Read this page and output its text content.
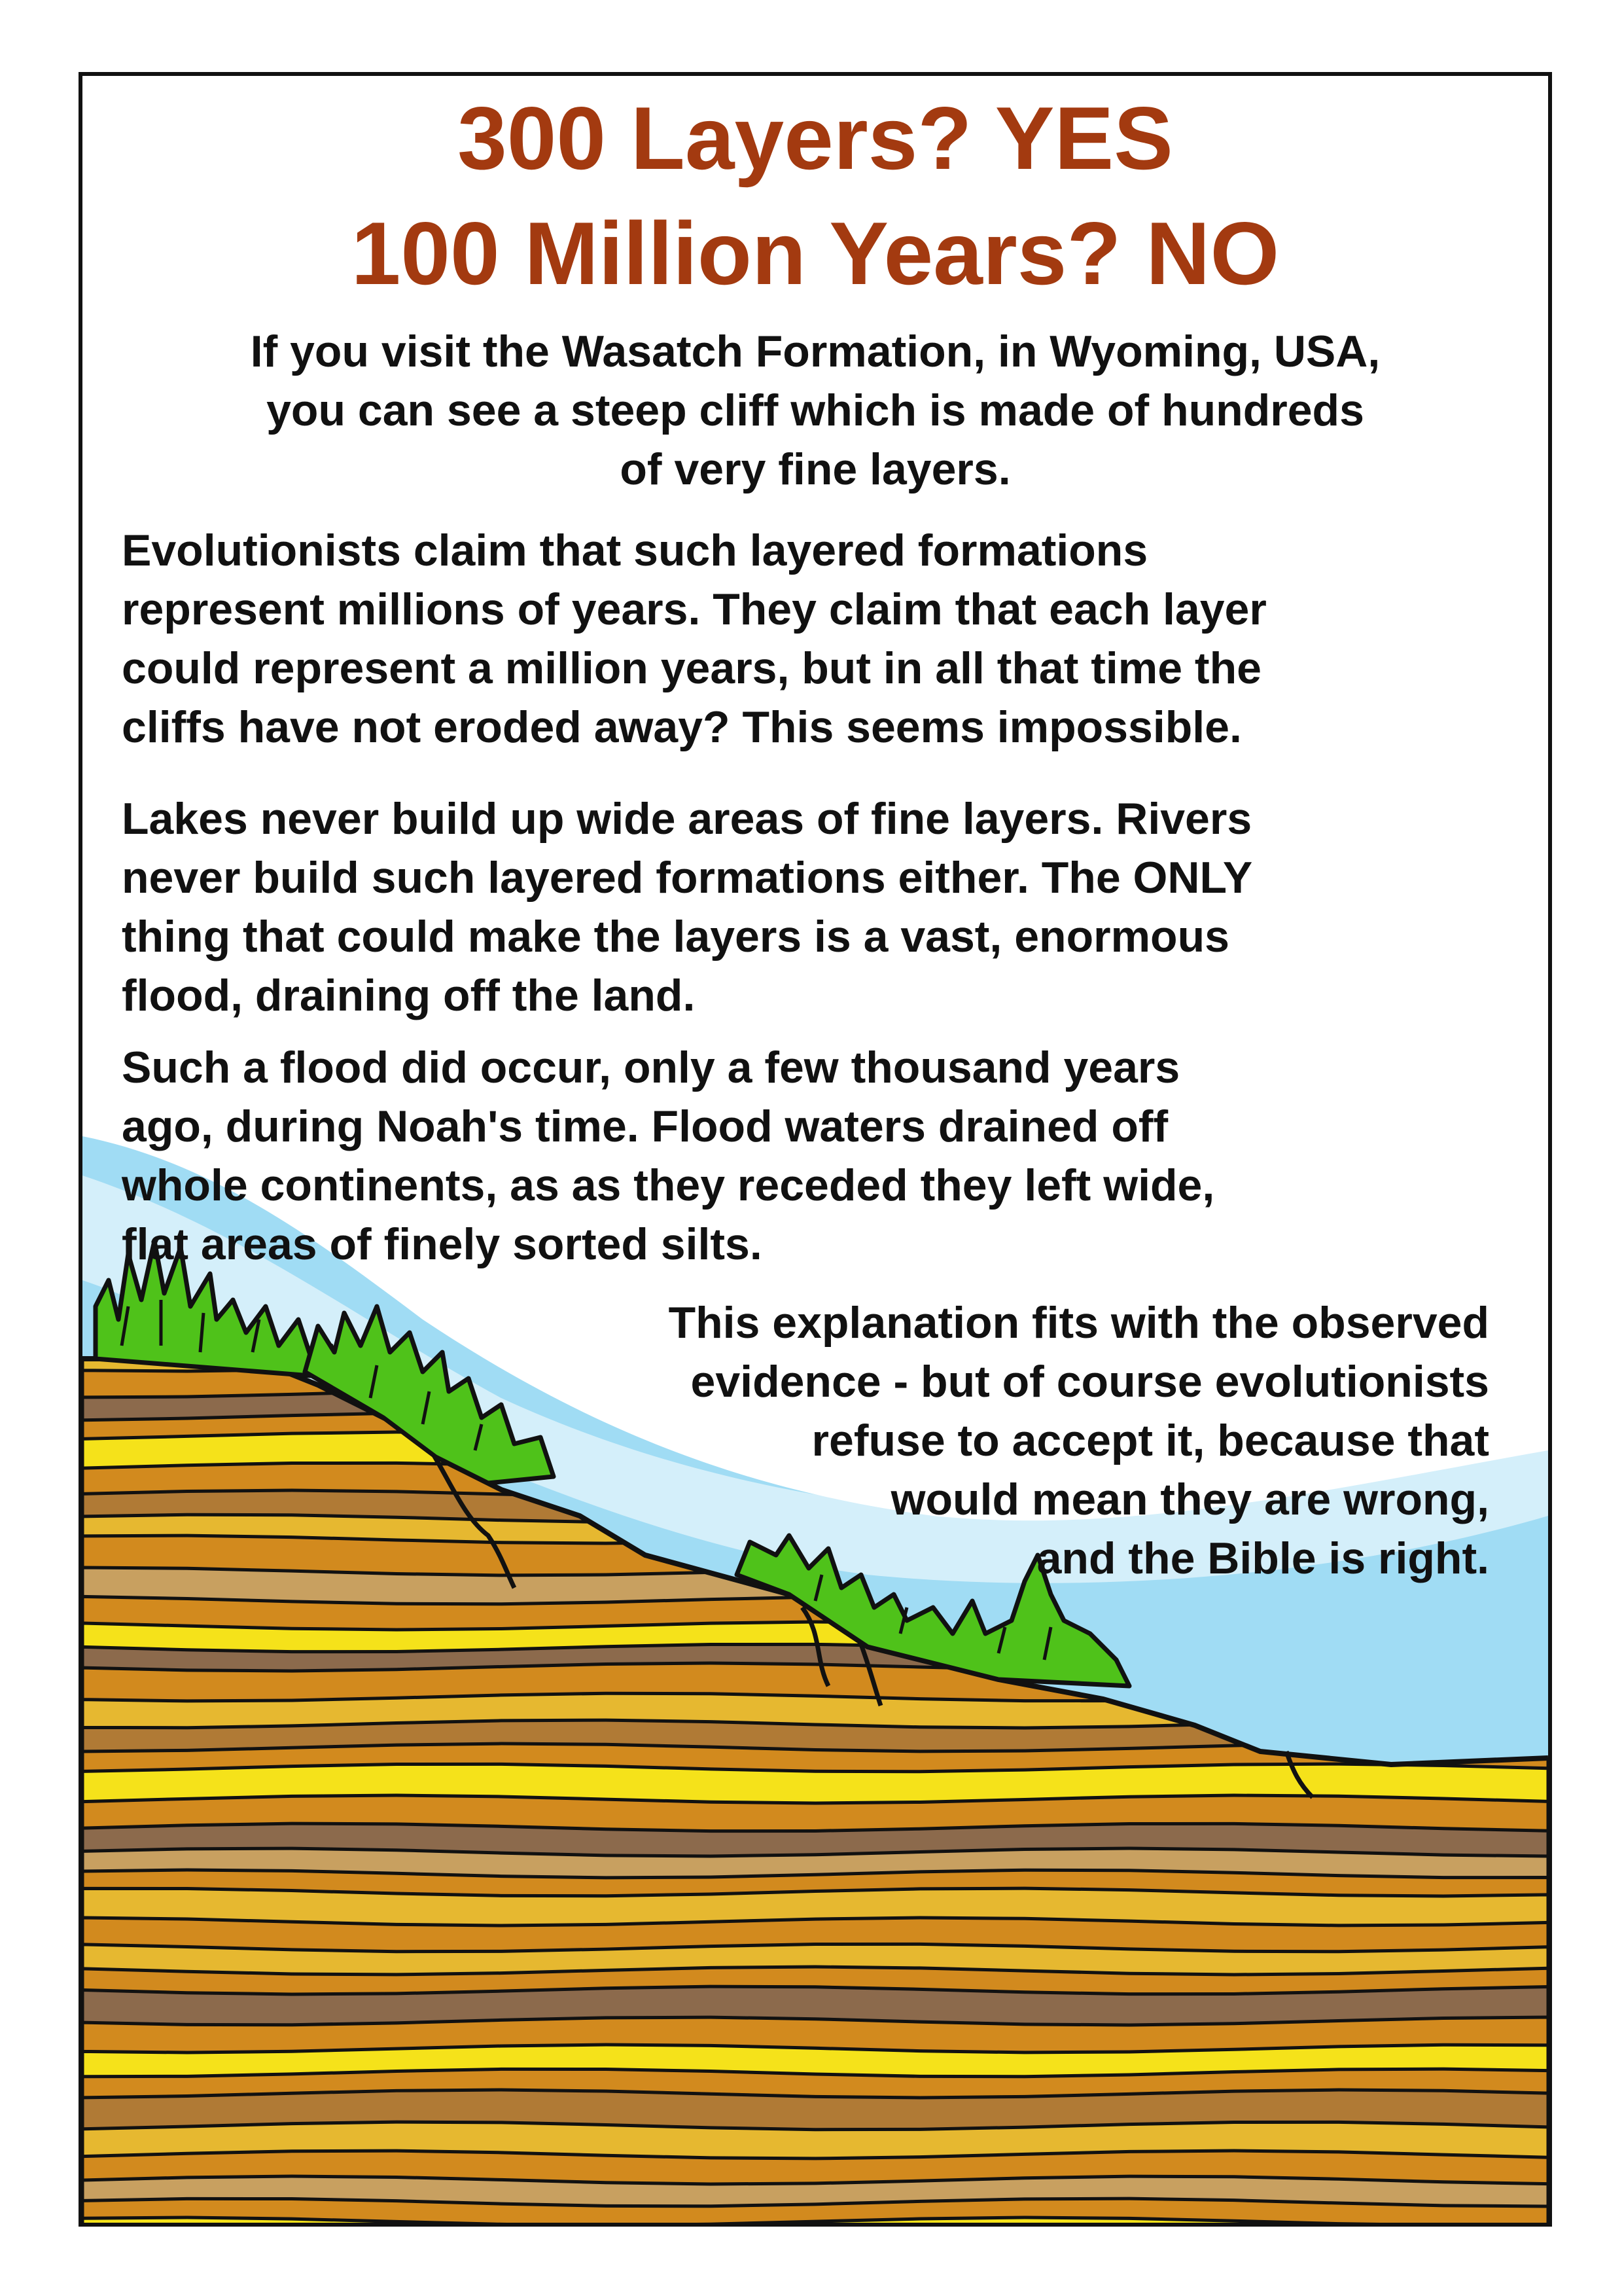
300 Layers? YES
100 Million Years? NO

If you visit the Wasatch Formation, in Wyoming, USA,
you can see a steep cliff which is made of hundreds
of very fine layers.

Evolutionists claim that such layered formations
represent millions of years. They claim that each layer
could represent a million years, but in all that time the
cliffs have not eroded away? This seems impossible.

Lakes never build up wide areas of fine layers. Rivers
never build such layered formations either. The ONLY
thing that could make the layers is a vast, enormous
flood, draining off the land.

Such a flood did occur, only a few thousand years
ago, during Noah's time. Flood waters drained off
whole continents, as as they receded they left wide,
flat areas of finely sorted silts.

This explanation fits with the observed
evidence - but of course evolutionists
refuse to accept it, because that
would mean they are wrong,
and the Bible is right.
